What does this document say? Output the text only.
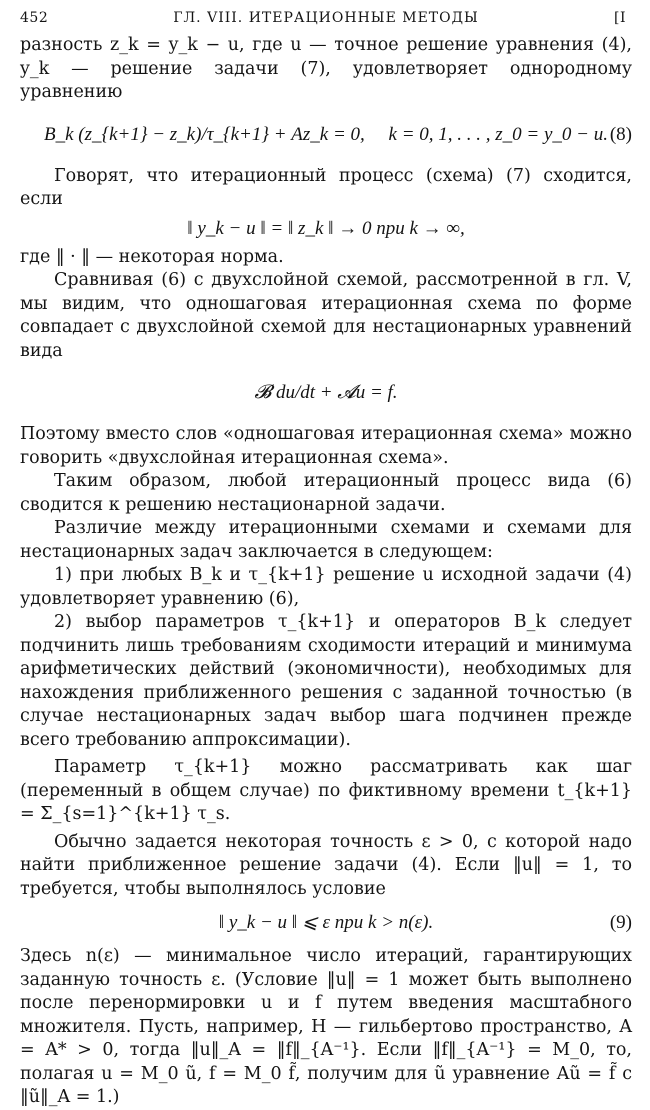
452	ГЛ. VIII. ИТЕРАЦИОННЫЕ МЕТОДЫ	[I

разность z_k = y_k − u, где u — точное решение уравнения (4), y_k — решение задачи (7), удовлетворяет однородному уравнению

B_k (z_{k+1} − z_k)/τ_{k+1} + Az_k = 0, k = 0, 1, . . . , z_0 = y_0 − u. (8)

Говорят, что итерационный процесс (схема) (7) сходится, если

‖ y_k − u ‖ = ‖ z_k ‖ → 0 при k → ∞,

где ‖ · ‖ — некоторая норма.

Сравнивая (6) с двухслойной схемой, рассмотренной в гл. V, мы видим, что одношаговая итерационная схема по форме совпадает с двухслойной схемой для нестационарных уравнений вида

𝓑 du/dt + 𝓐u = f.

Поэтому вместо слов «одношаговая итерационная схема» можно говорить «двухслойная итерационная схема».

Таким образом, любой итерационный процесс вида (6) сводится к решению нестационарной задачи.

Различие между итерационными схемами и схемами для нестационарных задач заключается в следующем:

1) при любых B_k и τ_{k+1} решение u исходной задачи (4) удовлетворяет уравнению (6),

2) выбор параметров τ_{k+1} и операторов B_k следует подчинить лишь требованиям сходимости итераций и минимума арифметических действий (экономичности), необходимых для нахождения приближенного решения с заданной точностью (в случае нестационарных задач выбор шага подчинен прежде всего требованию аппроксимации).

Параметр τ_{k+1} можно рассматривать как шаг (переменный в общем случае) по фиктивному времени t_{k+1} = Σ_{s=1}^{k+1} τ_s.

Обычно задается некоторая точность ε > 0, с которой надо найти приближенное решение задачи (4). Если ‖u‖ = 1, то требуется, чтобы выполнялось условие

‖ y_k − u ‖ ⩽ ε при k > n(ε).	(9)

Здесь n(ε) — минимальное число итераций, гарантирующих заданную точность ε. (Условие ‖u‖ = 1 может быть выполнено после перенормировки u и f путем введения масштабного множителя. Пусть, например, H — гильбертово пространство, A = A* > 0, тогда ‖u‖_A = ‖f‖_{A⁻¹}. Если ‖f‖_{A⁻¹} = M_0, то, полагая u = M_0 ũ, f = M_0 f̃, получим для ũ уравнение Aũ = f̃ с ‖ũ‖_A = 1.)
